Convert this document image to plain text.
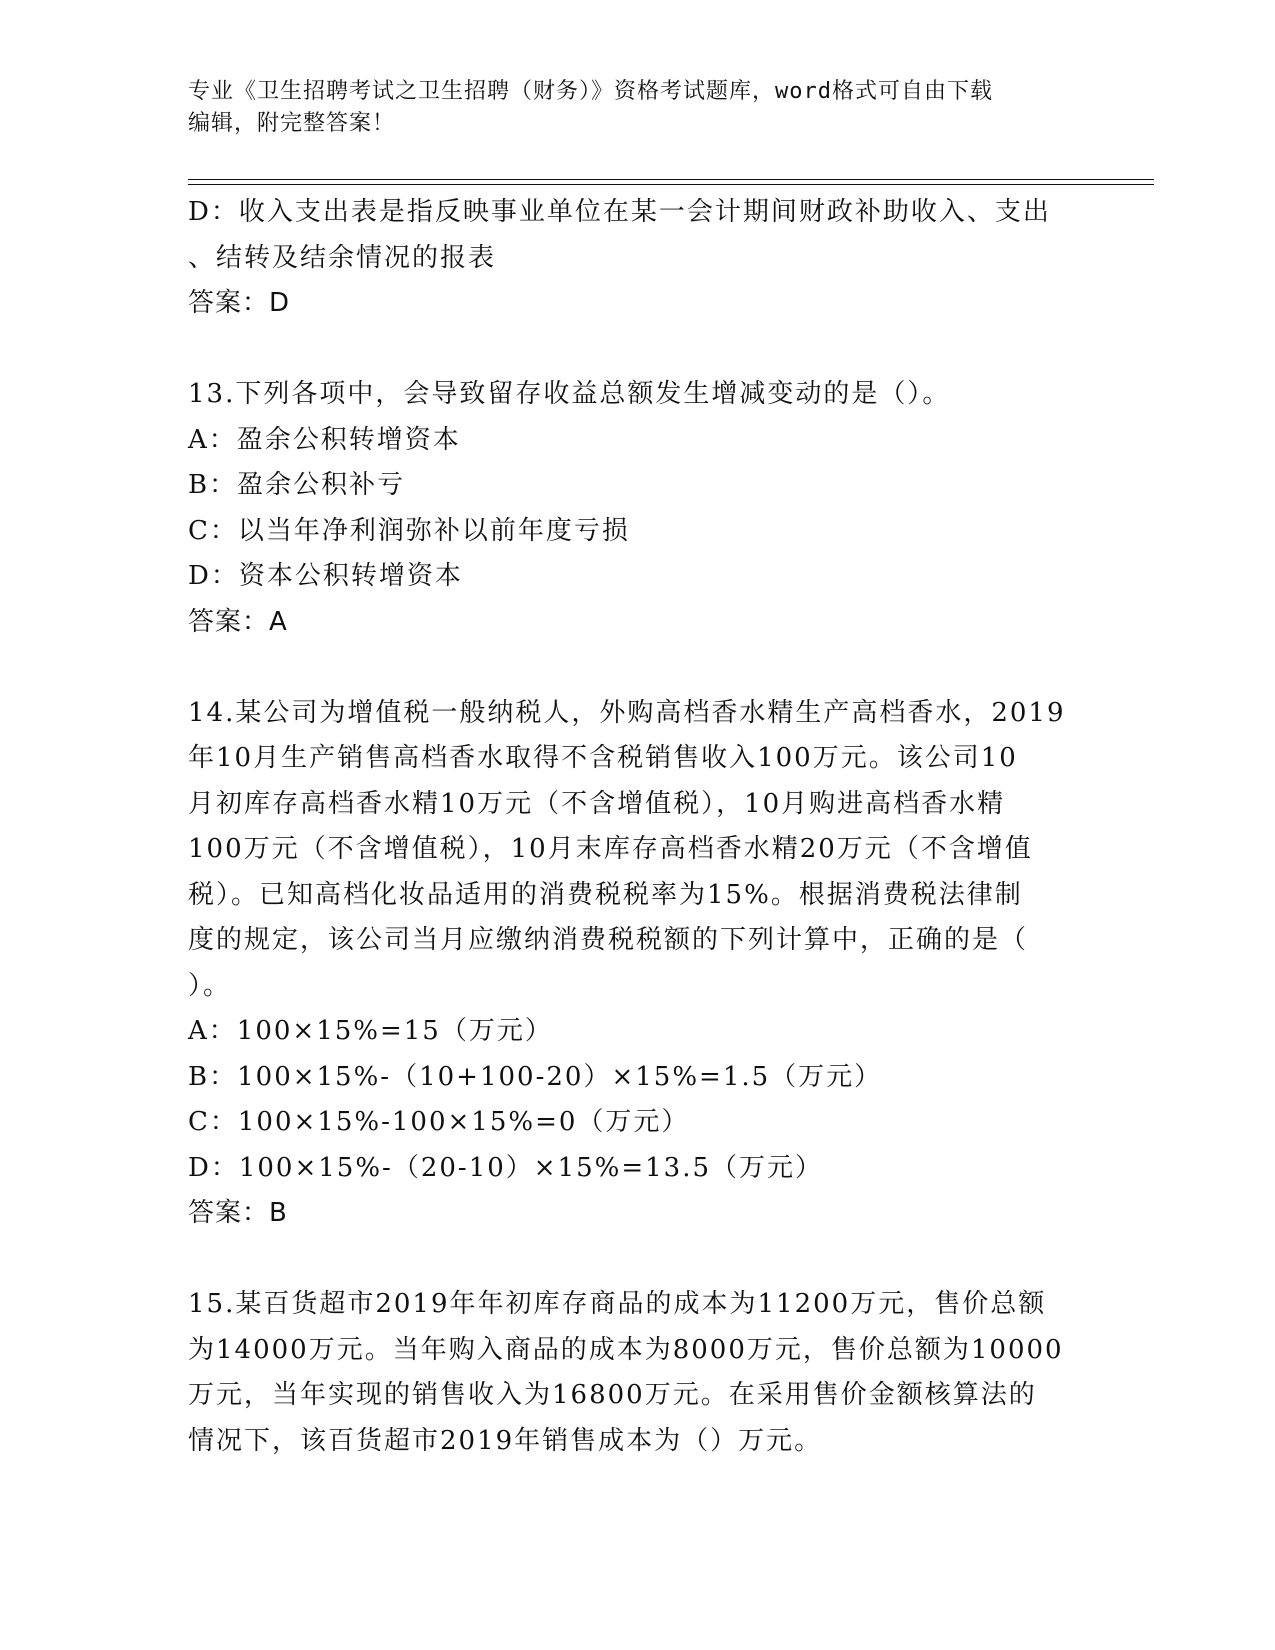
专业《卫生招聘考试之卫生招聘（财务）》资格考试题库，word格式可自由下载
编辑，附完整答案！
D：收入支出表是指反映事业单位在某一会计期间财政补助收入、支出
、结转及结余情况的报表
答案：D
13.下列各项中，会导致留存收益总额发生增减变动的是（）。
A：盈余公积转增资本
B：盈余公积补亏
C：以当年净利润弥补以前年度亏损
D：资本公积转增资本
答案：A
14.某公司为增值税一般纳税人，外购高档香水精生产高档香水，2019
年10月生产销售高档香水取得不含税销售收入100万元。该公司10
月初库存高档香水精10万元（不含增值税），10月购进高档香水精
100万元（不含增值税），10月末库存高档香水精20万元（不含增值
税）。已知高档化妆品适用的消费税税率为15%。根据消费税法律制
度的规定，该公司当月应缴纳消费税税额的下列计算中，正确的是（
）。
A：100×15%=15（万元）
B：100×15%-（10+100-20）×15%=1.5（万元）
C：100×15%-100×15%=0（万元）
D：100×15%-（20-10）×15%=13.5（万元）
答案：B
15.某百货超市2019年年初库存商品的成本为11200万元，售价总额
为14000万元。当年购入商品的成本为8000万元，售价总额为10000
万元，当年实现的销售收入为16800万元。在采用售价金额核算法的
情况下，该百货超市2019年销售成本为（）万元。
